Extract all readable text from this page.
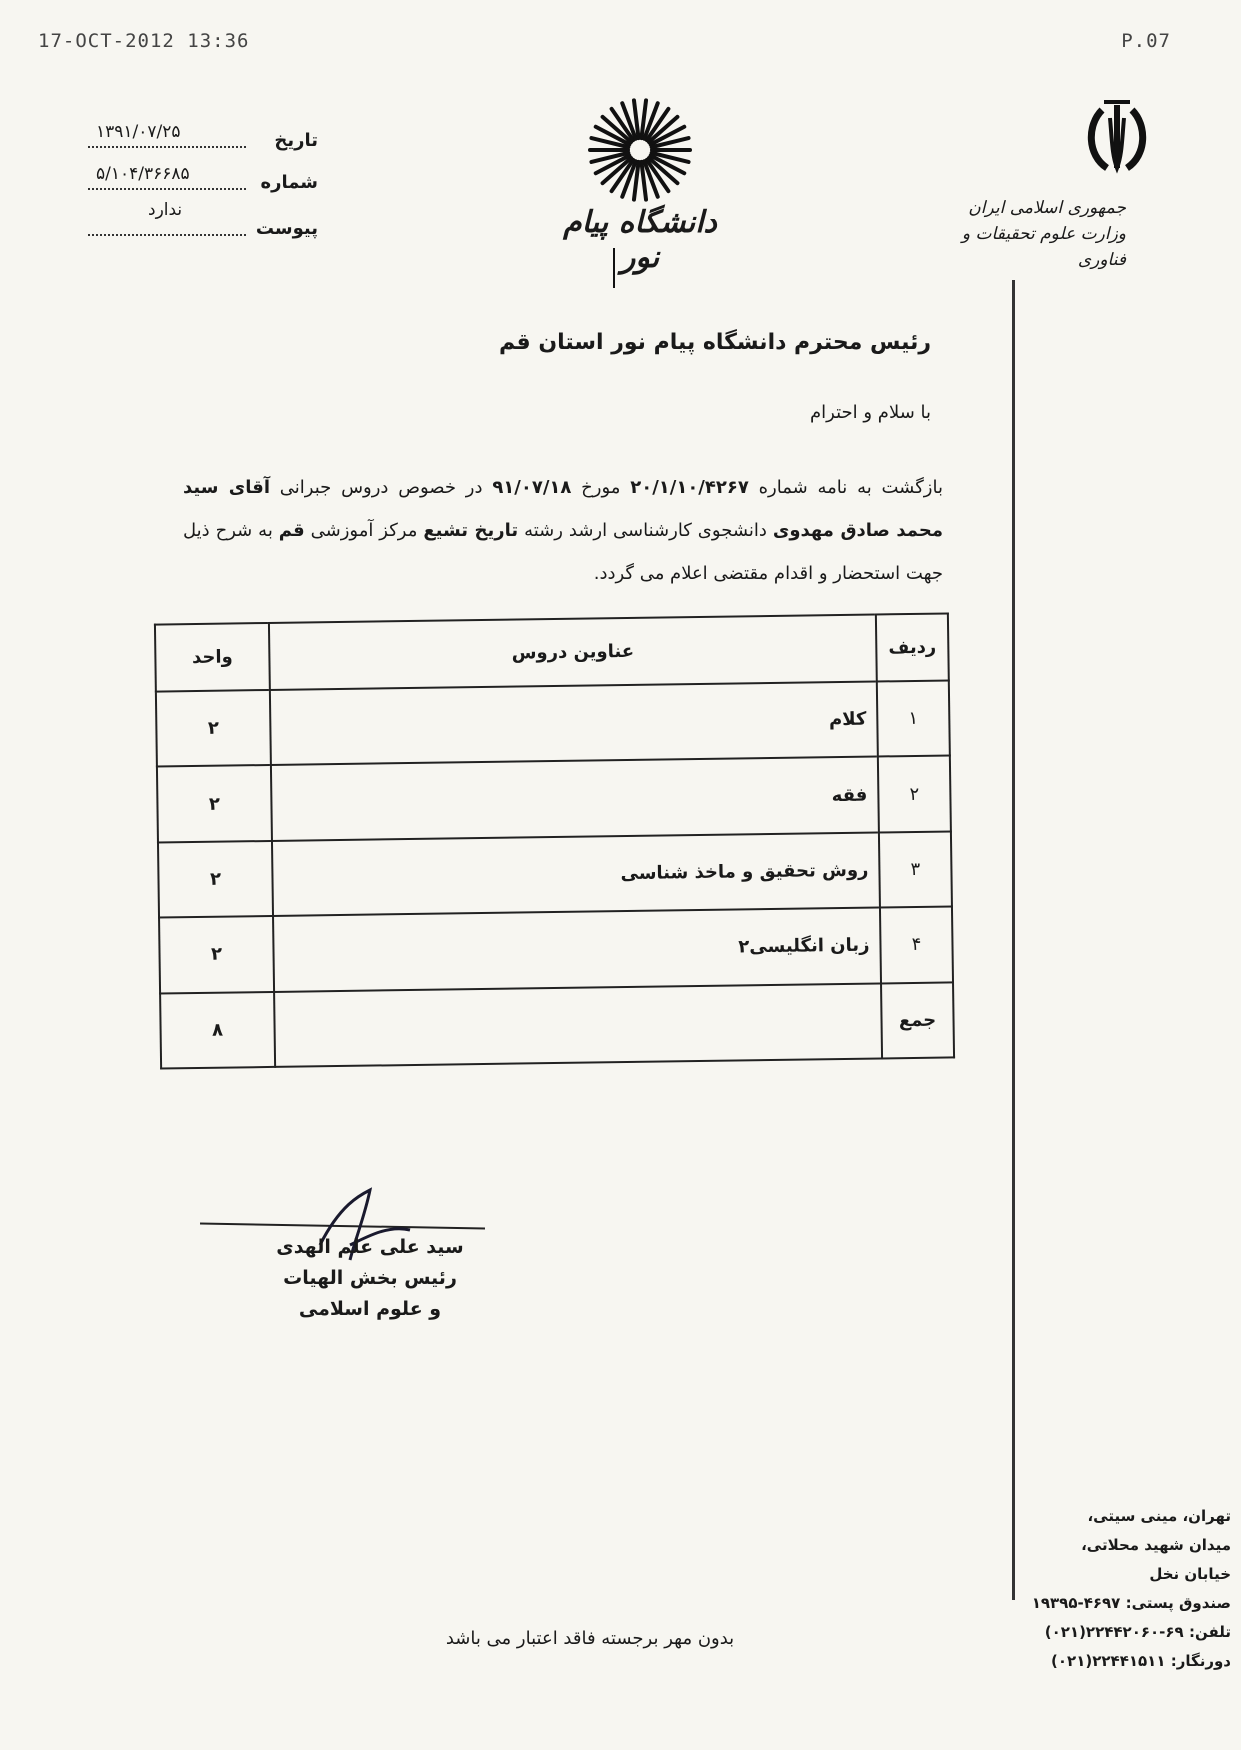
17-OCT-2012 13:36	P.07
تاریخ
۱۳۹۱/۰۷/۲۵
شماره
۵/۱۰۴/۳۶۶۸۵
پیوست
ندارد	دانشگاه پیام نور
جمهوری اسلامی ایران
وزارت علوم تحقیقات و فناوری
رئیس محترم دانشگاه پیام نور استان قم
با سلام و احترام
بازگشت به نامه شماره ۲۰/۱/۱۰/۴۲۶۷ مورخ ۹۱/۰۷/۱۸ در خصوص دروس جبرانی آقای سید محمد صادق مهدوی دانشجوی کارشناسی ارشد رشته تاریخ تشیع مرکز آموزشی قم به شرح ذیل جهت استحضار و اقدام مقتضی اعلام می گردد.
ردیف	عناوین دروس	واحد
۱	کلام	۲
۲	فقه	۲
۳	روش تحقیق و ماخذ شناسی	۲
۴	زبان انگلیسی۲	۲
جمع		۸
سید علی علم الهدی
رئیس بخش الهیات
و علوم اسلامی
بدون مهر برجسته فاقد اعتبار می باشد
تهران، مینی سیتی،
میدان شهید محلاتی،
خیابان نخل
صندوق پستی: ۴۶۹۷-۱۹۳۹۵
تلفن: ۶۹-۲۲۴۴۲۰۶۰(۰۲۱)
دورنگار: ۲۲۴۴۱۵۱۱(۰۲۱)
